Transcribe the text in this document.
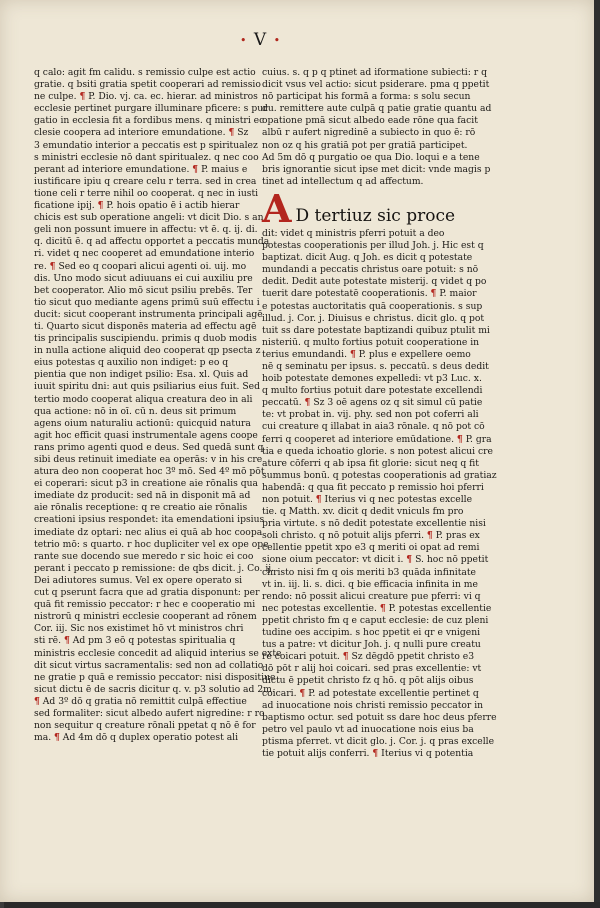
• V •
q calo: agit fm calidu. s remissio culpe est actio
gratie. q bsiti gratia spetit cooperari ad remissio
ne culpe. ¶ P. Dio. vj. ca. ec. hierar. ad ministros
ecclesie pertinet purgare illuminare pficere: s pur
gatio in ecclesia fit a fordibus mens. q ministri ec
clesie coopera ad interiore emundatione. ¶ Sz
3 emundatio interior a peccatis est p spiritualez
s ministri ecclesie nō dant spiritualez. q nec coo
perant ad interiore emundatione. ¶ P. maius e
iustificare ipiu q creare celu r terra. sed in crea
tione celi r terre nihil oo cooperat. q nec in iusti
ficatione ipij. ¶ P. hois opatio ē i actib hierar
chicis est sub operatione angeli: vt dicit Dio. s an
geli non possunt imuere in affectu: vt ē. q. ij. di.
q. dicitū ē. q ad affectu opportet a peccatis munda
ri. videt q nec cooperet ad emundatione interio
re. ¶ Sed eo q coopari alicui agenti oi. uij. mo
dis. Uno modo sicut adiuuans ei cui auxiliu pre
bet cooperator. Alio mō sicut psiliu prebēs. Ter
tio sicut quo mediante agens primū suū effectu i
ducit: sicut cooperant instrumenta principali agē
ti. Quarto sicut disponēs materia ad effectu agē
tis principalis suscipiendu. primis q duob modis
in nulla actione aliquid deo cooperat qp psecta z
eius potestas q auxilio non indiget: p eo q
pientia que non indiget psilio: Esa. xl. Quis ad
iuuit spiritu dni: aut quis psiliarius eius fuit. Sed
tertio modo cooperat aliqua creatura deo in ali
qua actione: nō in oī. cū n. deus sit primum
agens oium naturaliu actionū: quicquid natura
agit hoc efficit quasi instrumentale agens coope
rans primo agenti quod e deus. Sed quedā sunt q
sibi deus retinuit imediate ea operās: v in his cre
atura deo non cooperat hoc 3º mō. Sed 4º mō pōt
ei coperari: sicut p3 in creatione aie rōnalis qua
imediate dz producit: sed nā in disponit mā ad
aie rōnalis receptione: q re creatio aie rōnalis
creationi ipsius respondet: ita emendationi ipsius
imediate dz optari: nec alius ei quā ab hoc coopa
tetrio mō: s quarto. r hoc dupliciter vel ex ope ope
rante sue docendo sue meredo r sic hoic ei coo
perant i peccato p remissione: de qbs dicit. j. Co. ij.
Dei adiutores sumus. Vel ex opere operato si
cut q pserunt facra que ad gratia disponunt: per
quā fit remissio peccator: r hec e cooperatio mi
nistrorū q ministri ecclesie cooperant ad rōnem
Cor. iij. Sic nos existimet hō vt ministros chri
sti rē. ¶ Ad pm 3 eō q potestas spiritualia q
ministris ecclesie concedit ad aliquid interius se exte
dit sicut virtus sacramentalis: sed non ad collatio
ne gratie p quā e remissio peccator: nisi dispositiue
sicut dictu ē de sacris dicitur q. v. p3 solutio ad 2m.
¶ Ad 3º dō q gratia nō remittit culpā effectiue
sed formaliter: sicut albedo aufert nigredine: r ro
non sequitur q creature rōnali ppetat q nō ē for
ma. ¶ Ad 4m dō q duplex operatio potest ali
cuius. s. q p q ptinet ad iformatione subiecti: r q
dicit vsus vel actio: sicut psiderare. pma q ppetit
nō participat his formā a forma: s solu secun
du. remittere aute culpā q patie gratie quantu ad
opatione pmā sicut albedo eade rōne qua facit
albū r aufert nigredinē a subiecto in quo ē: rō
non oz q his gratiā pot per gratiā participet.
Ad 5m dō q purgatio oe qua Dio. loqui e a tene
bris ignorantie sicut ipse met dicit: vnde magis p
tinet ad intellectum q ad affectum.
A D tertiuz sic proce
dit: videt q ministris pferri potuit a deo
potestas cooperationis per illud Joh. j. Hic est q
baptizat. dicit Aug. q Joh. es dicit q potestate
mundandi a peccatis christus oare potuit: s nō
dedit. Dedit aute potestate misterij. q videt q po
tuerit dare potestatē cooperationis. ¶ P. maior
e potestas auctoritatis quā cooperationis. s sup
illud. j. Cor. j. Diuisus e christus. dicit glo. q pot
tuit ss dare potestate baptizandi quibuz ptulit mi
nisteriū. q multo fortius potuit cooperatione in
terius emundandi. ¶ P. plus e expellere oemo
nē q seminatu per ipsus. s. peccatū. s deus dedit
hoib potestate demones expelledi: vt p3 Luc. x.
q multo fortius potuit dare potestate excellendi
peccatū. ¶ Sz 3 oē agens oz q sit simul cū patie
te: vt probat in. vij. phy. sed non pot coferri ali
cui creature q illabat in aia3 rōnale. q nō pot cō
ferri q cooperet ad interiore emūdatione. ¶ P. gra
tia e queda ichoatio glorie. s non potest alicui cre
ature cōferri q ab ipsa fit glorie: sicut neq q fit
summus bonū. q potestas cooperationis ad gratiaz
habendā: q qua fit peccato p remissio hoi pferri
non potuit. ¶ Iterius vi q nec potestas excelle
tie. q Matth. xv. dicit q dedit vniculs fm pro
pria virtute. s nō dedit potestate excellentie nisi
soli christo. q nō potuit alijs pferri. ¶ P. pras ex
cellentie ppetit xpo e3 q meriti oi opat ad remi
sione oium peccator: vt dicit i. ¶ S. hoc nō ppetit
christo nisi fm q ois meriti b3 quāda infinitate
vt in. iij. li. s. dici. q bie efficacia infinita in me
rendo: nō possit alicui creature pue pferri: vi q
nec potestas excellentie. ¶ P. potestas excellentie
ppetit christo fm q e caput ecclesie: de cuz pleni
tudine oes accipim. s hoc ppetit ei qr e vnigeni
tus a patre: vt dicitur Joh. j. q nulli pure creatu
re coicari potuit. ¶ Sz dēgdō ppetit christo e3
dō pōt r alij hoi coicari. sed pras excellentie: vt
dictu ē ppetit christo fz q hō. q pōt alijs oibus
coicari. ¶ P. ad potestate excellentie pertinet q
ad inuocatione nois christi remissio peccator in
baptismo octur. sed potuit ss dare hoc deus pferre
petro vel paulo vt ad inuocatione nois eius ba
ptisma pferret. vt dicit glo. j. Cor. j. q pras excelle
tie potuit alijs conferri. ¶ Iterius vi q potentia
